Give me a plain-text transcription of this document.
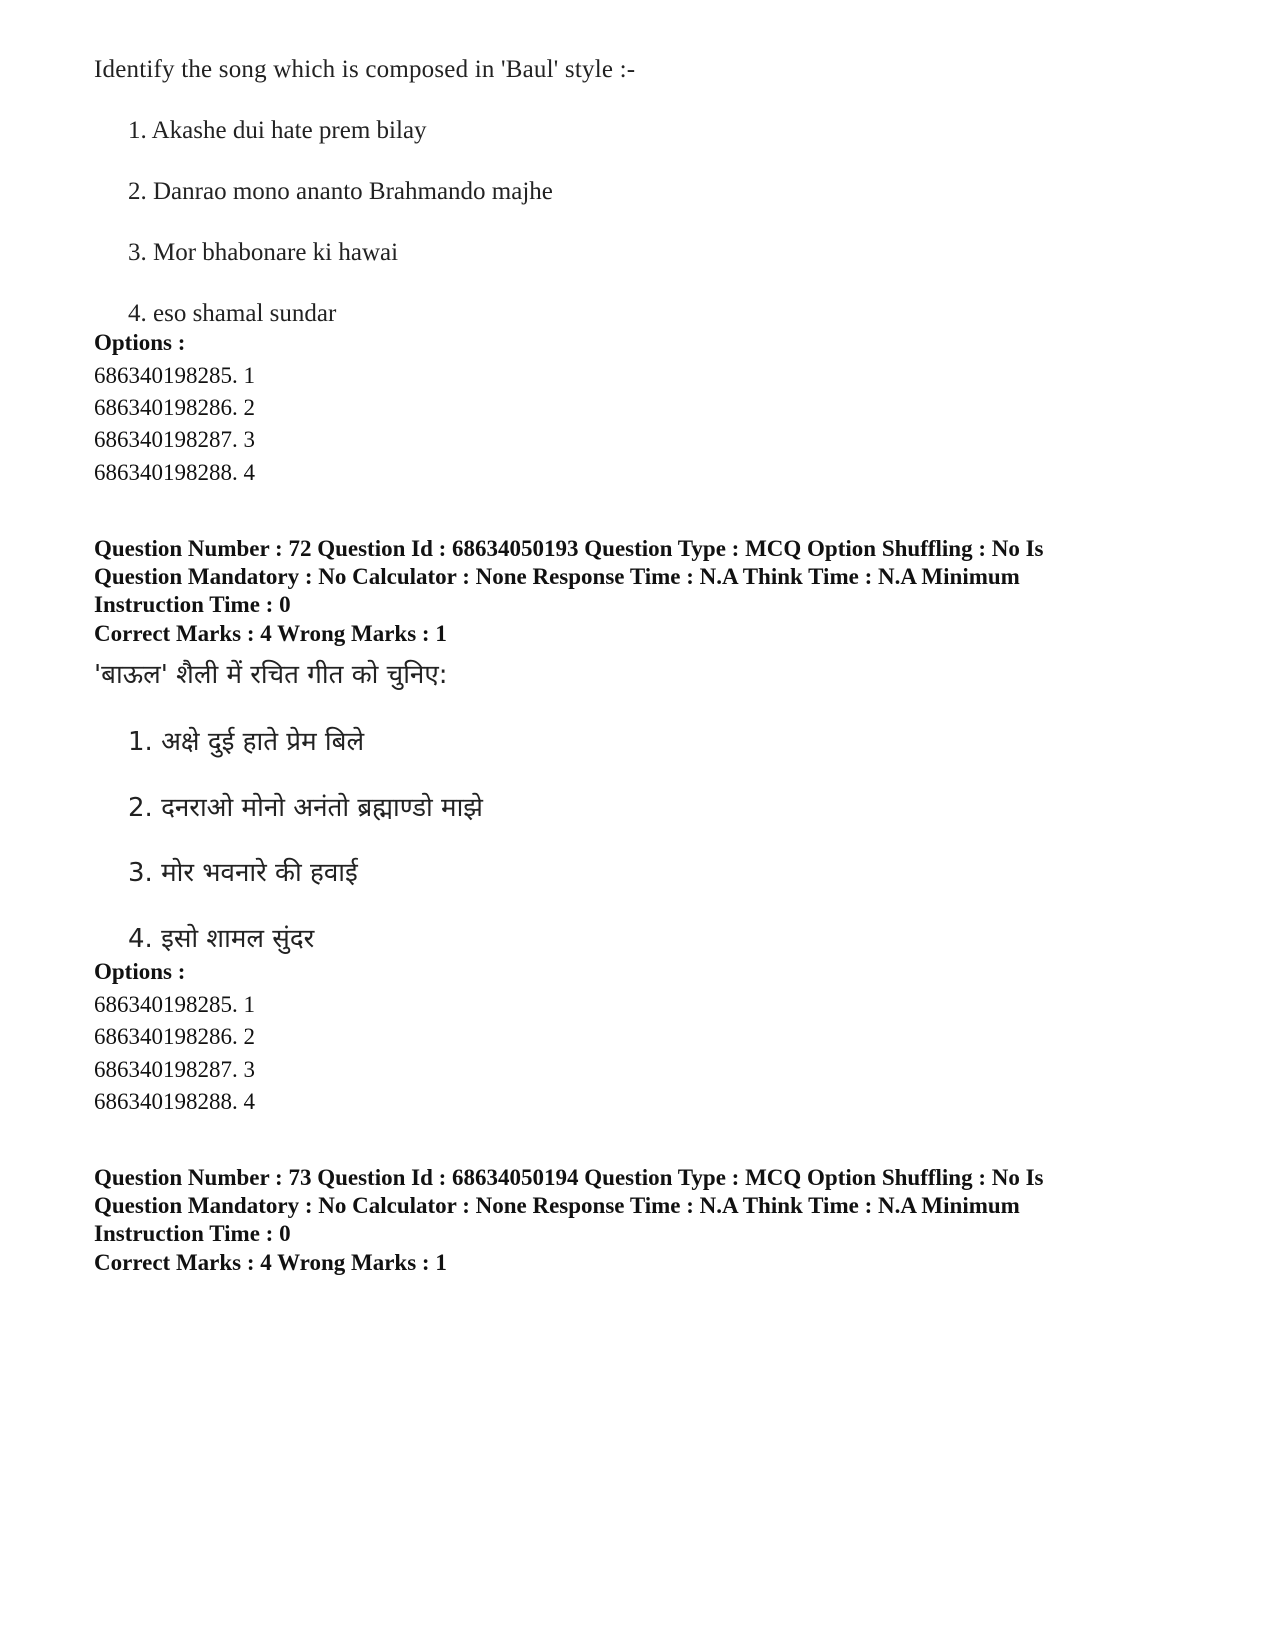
Identify the song which is composed in 'Baul' style :-
1. Akashe dui hate prem bilay
2. Danrao mono ananto Brahmando majhe
3. Mor bhabonare ki hawai
4. eso shamal sundar
Options :
686340198285. 1
686340198286. 2
686340198287. 3
686340198288. 4
Question Number : 72 Question Id : 68634050193 Question Type : MCQ Option Shuffling : No Is
Question Mandatory : No Calculator : None Response Time : N.A Think Time : N.A Minimum
Instruction Time : 0
Correct Marks : 4 Wrong Marks : 1
'बाऊल' शैली में रचित गीत को चुनिए:
1. अक्षे दुई हाते प्रेम बिले
2. दनराओ मोनो अनंतो ब्रह्माण्डो माझे
3. मोर भवनारे की हवाई
4. इसो शामल सुंदर
Options :
686340198285. 1
686340198286. 2
686340198287. 3
686340198288. 4
Question Number : 73 Question Id : 68634050194 Question Type : MCQ Option Shuffling : No Is
Question Mandatory : No Calculator : None Response Time : N.A Think Time : N.A Minimum
Instruction Time : 0
Correct Marks : 4 Wrong Marks : 1
